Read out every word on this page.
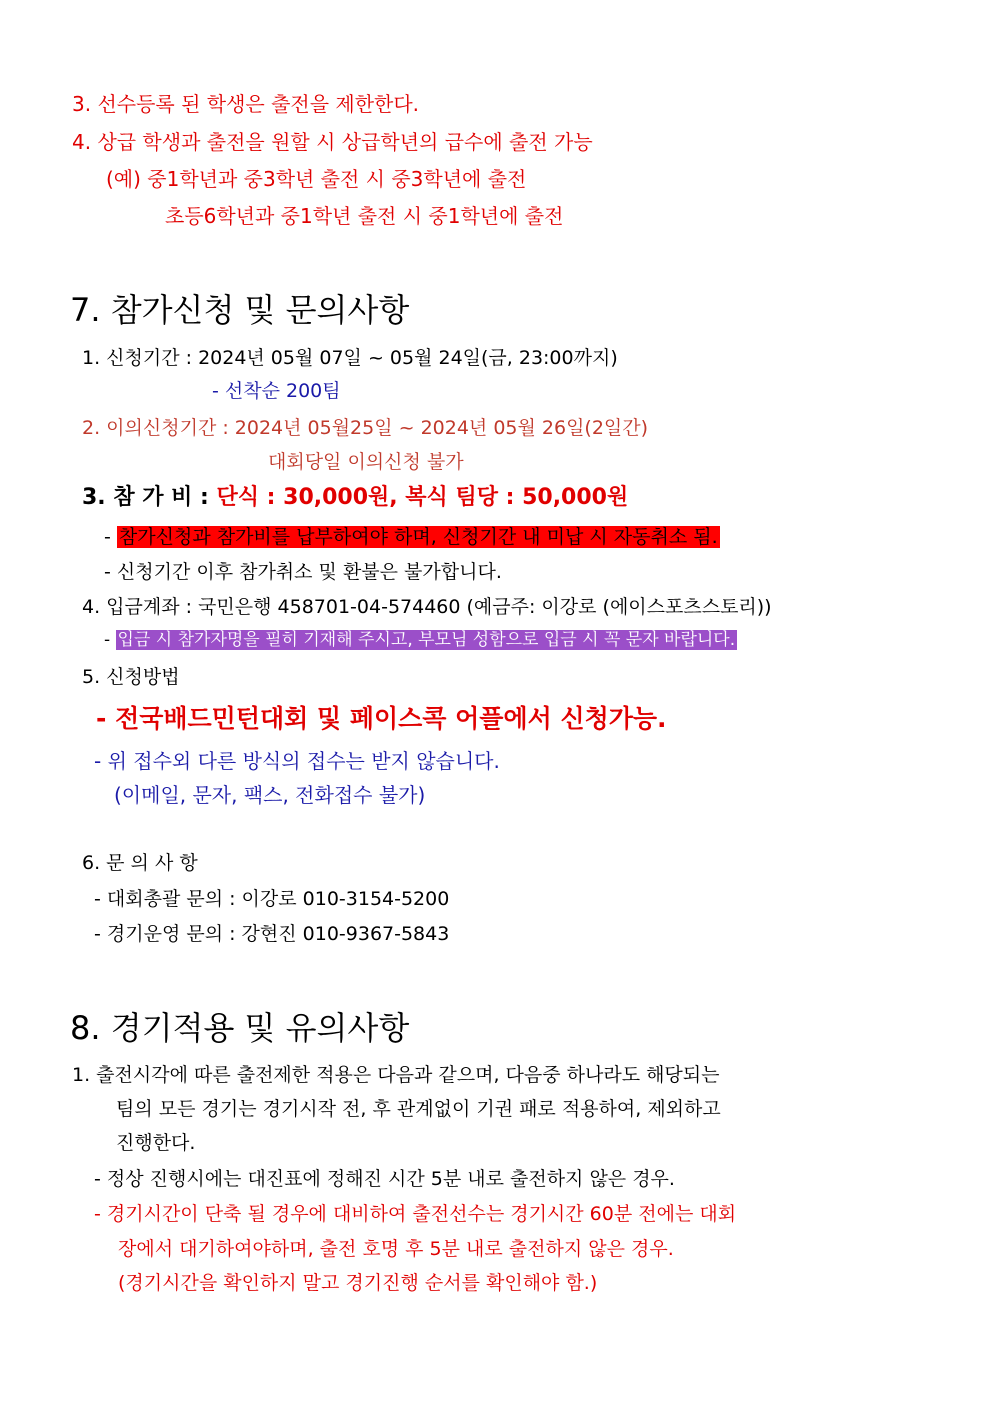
3. 선수등록 된 학생은 출전을 제한한다.
4. 상급 학생과 출전을 원할 시 상급학년의 급수에 출전 가능
(예) 중1학년과 중3학년 출전 시 중3학년에 출전
초등6학년과 중1학년 출전 시 중1학년에 출전
7. 참가신청 및 문의사항
1. 신청기간 : 2024년 05월 07일 ~ 05월 24일(금, 23:00까지)
- 선착순 200팀
2. 이의신청기간 : 2024년 05월25일 ~ 2024년 05월 26일(2일간)
대회당일 이의신청 불가
3. 참 가 비 : 단식 : 30,000원, 복식 팀당 : 50,000원
- 참가신청과 참가비를 납부하여야 하며, 신청기간 내 미납 시 자동취소 됨.
- 신청기간 이후 참가취소 및 환불은 불가합니다.
4. 입금계좌 : 국민은행 458701-04-574460 (예금주: 이강로 (에이스포츠스토리))
- 입금 시 참가자명을 필히 기재해 주시고, 부모님 성함으로 입금 시 꼭 문자 바랍니다.
5. 신청방법
- 전국배드민턴대회 및 페이스콕 어플에서 신청가능.
- 위 접수외 다른 방식의 접수는 받지 않습니다.
(이메일, 문자, 팩스, 전화접수 불가)
6. 문 의 사 항
- 대회총괄 문의 : 이강로 010-3154-5200
- 경기운영 문의 : 강현진 010-9367-5843
8. 경기적용 및 유의사항
1. 출전시각에 따른 출전제한 적용은 다음과 같으며, 다음중 하나라도 해당되는
팀의 모든 경기는 경기시작 전, 후 관계없이 기권 패로 적용하여, 제외하고
진행한다.
- 정상 진행시에는 대진표에 정해진 시간 5분 내로 출전하지 않은 경우.
- 경기시간이 단축 될 경우에 대비하여 출전선수는 경기시간 60분 전에는 대회
장에서 대기하여야하며, 출전 호명 후 5분 내로 출전하지 않은 경우.
(경기시간을 확인하지 말고 경기진행 순서를 확인해야 함.)
